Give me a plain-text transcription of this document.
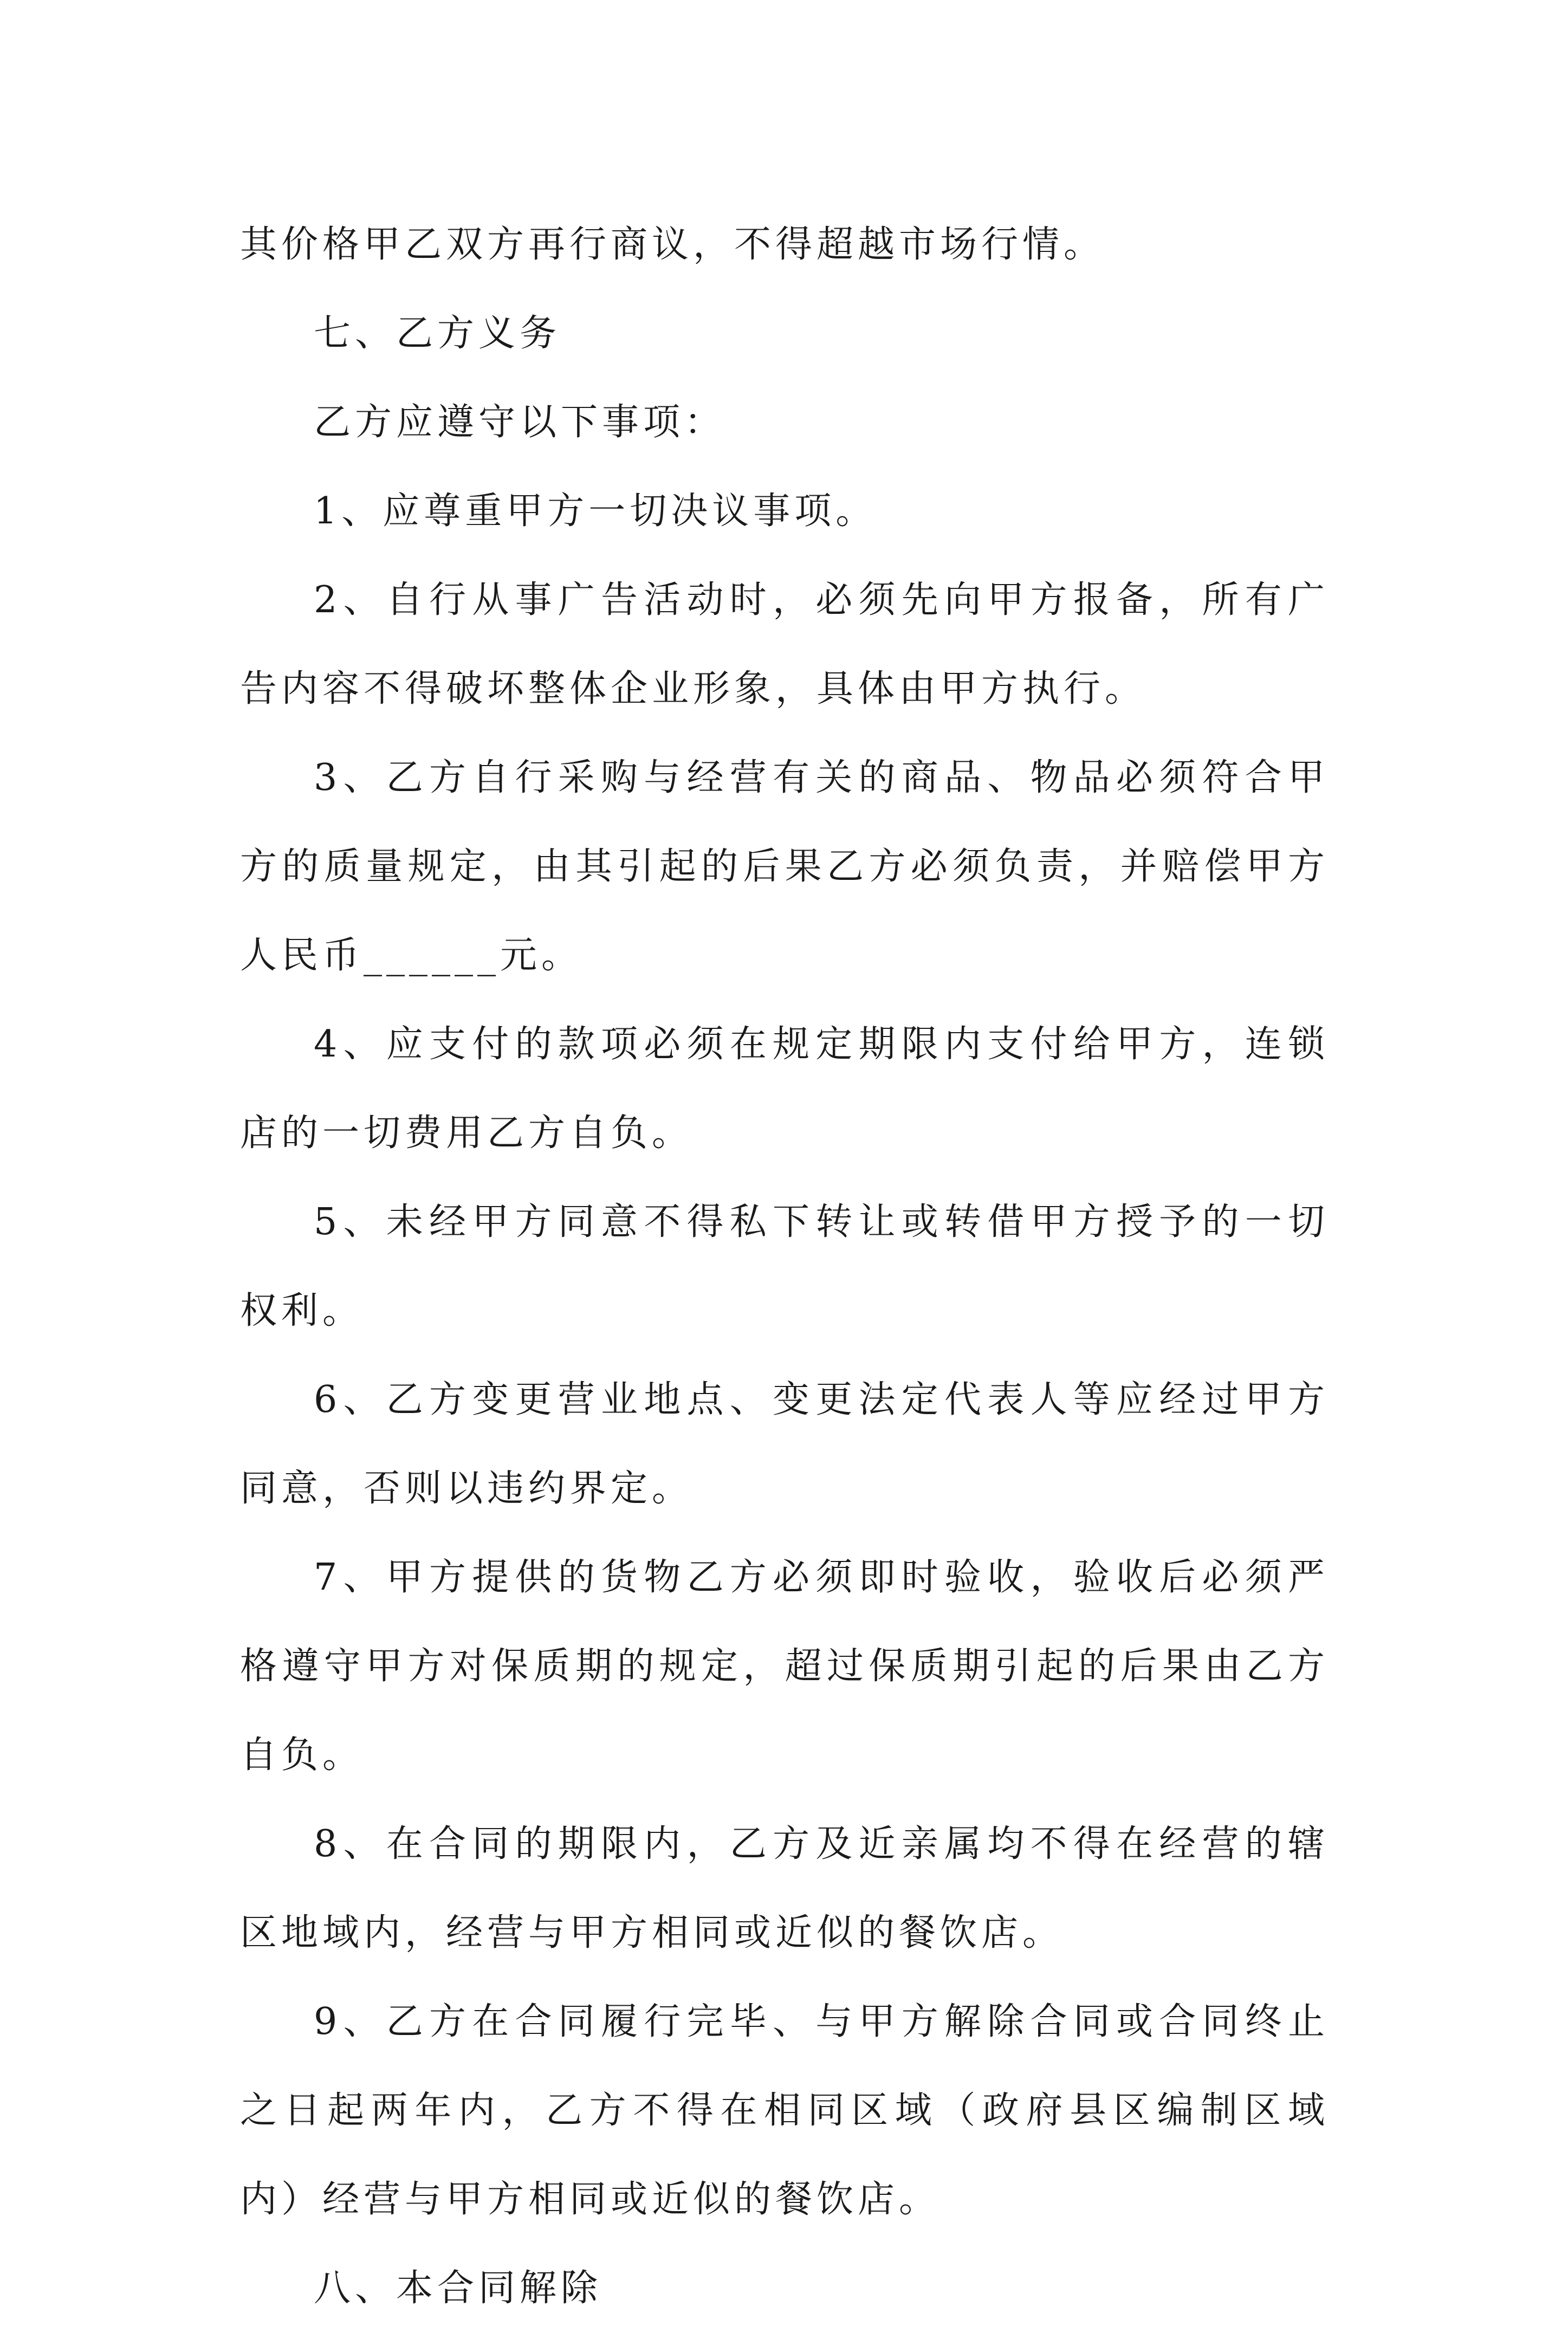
其价格甲乙双方再行商议，不得超越市场行情。

七、乙方义务

乙方应遵守以下事项：

1、应尊重甲方一切决议事项。

2、自行从事广告活动时，必须先向甲方报备，所有广告内容不得破坏整体企业形象，具体由甲方执行。

3、乙方自行采购与经营有关的商品、物品必须符合甲方的质量规定，由其引起的后果乙方必须负责，并赔偿甲方人民币______元。

4、应支付的款项必须在规定期限内支付给甲方，连锁店的一切费用乙方自负。

5、未经甲方同意不得私下转让或转借甲方授予的一切权利。

6、乙方变更营业地点、变更法定代表人等应经过甲方同意，否则以违约界定。

7、甲方提供的货物乙方必须即时验收，验收后必须严格遵守甲方对保质期的规定，超过保质期引起的后果由乙方自负。

8、在合同的期限内，乙方及近亲属均不得在经营的辖区地域内，经营与甲方相同或近似的餐饮店。

9、乙方在合同履行完毕、与甲方解除合同或合同终止之日起两年内，乙方不得在相同区域（政府县区编制区域内）经营与甲方相同或近似的餐饮店。

八、本合同解除
